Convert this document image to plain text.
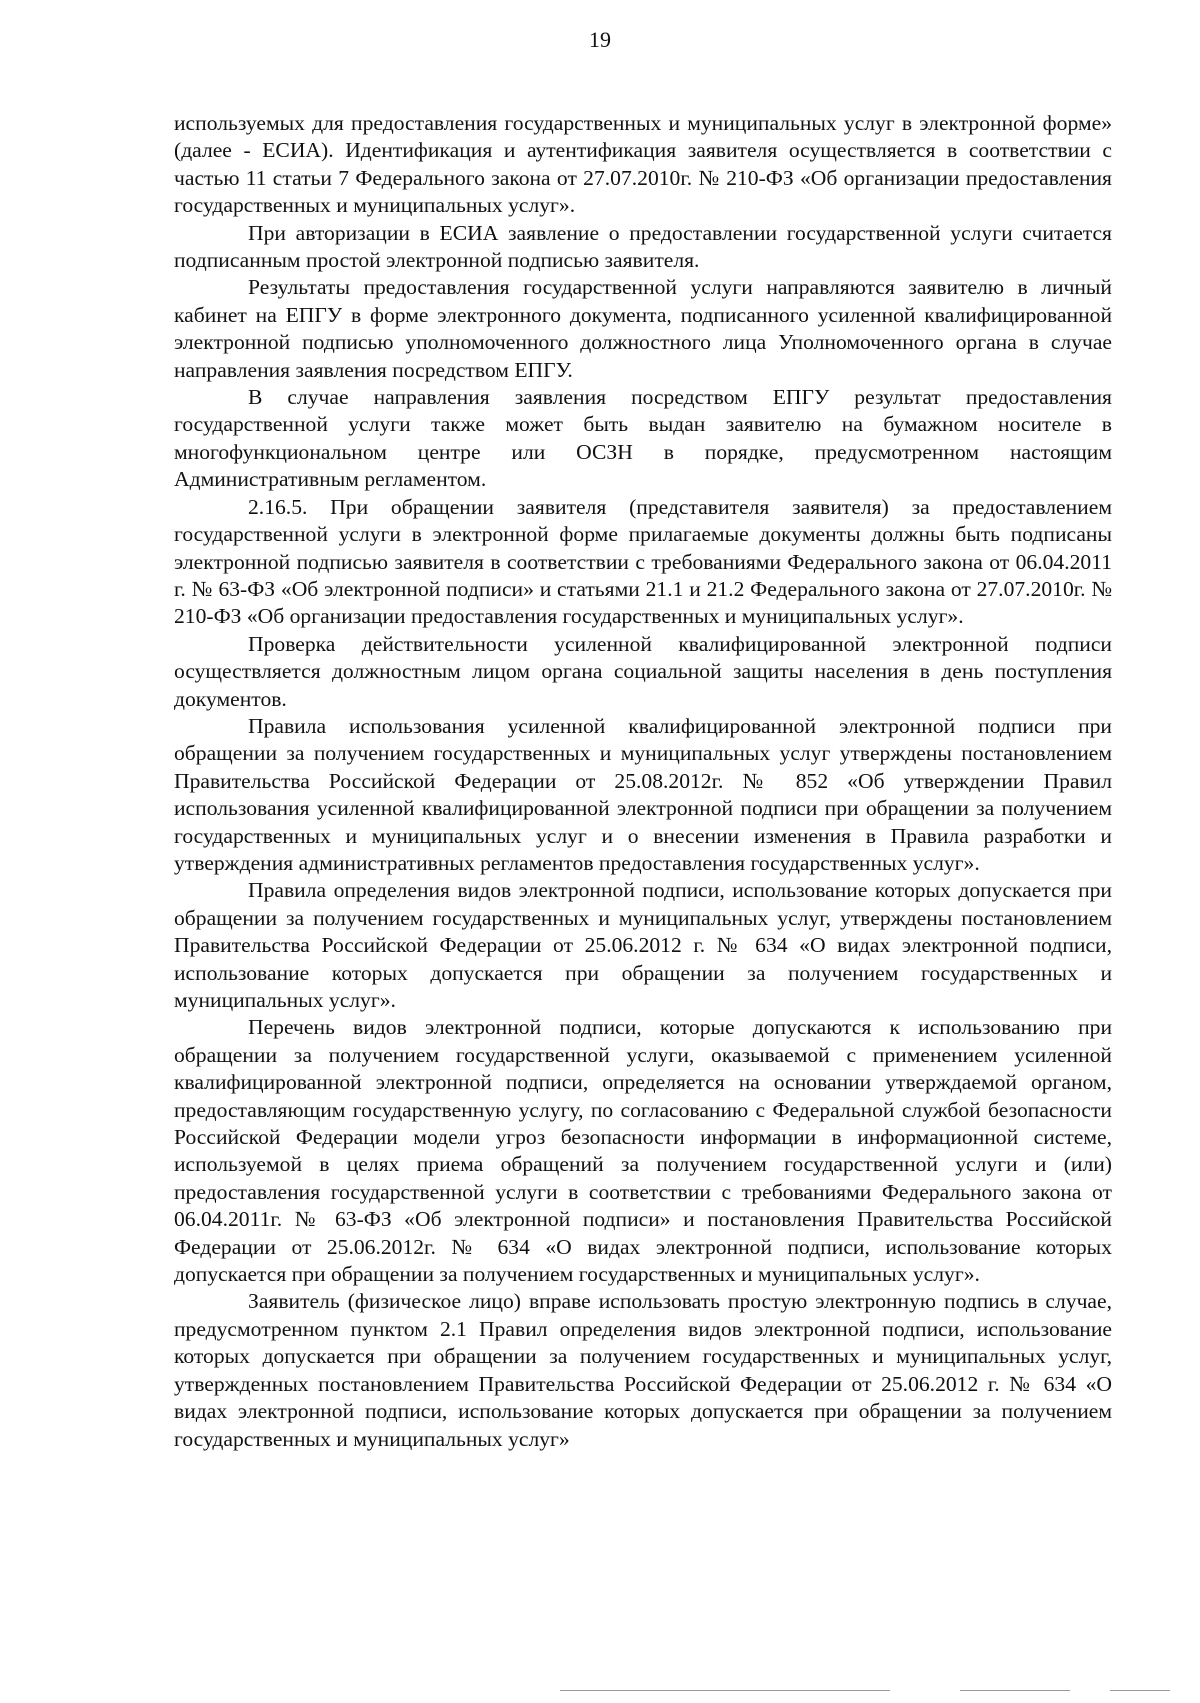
19

используемых для предоставления государственных и муниципальных услуг в электронной форме» (далее - ЕСИА). Идентификация и аутентификация заявителя осуществляется в соответствии с частью 11 статьи 7 Федерального закона от 27.07.2010г. № 210-ФЗ «Об организации предоставления государственных и муниципальных услуг».

При авторизации в ЕСИА заявление о предоставлении государственной услуги считается подписанным простой электронной подписью заявителя.

Результаты предоставления государственной услуги направляются заявителю в личный кабинет на ЕПГУ в форме электронного документа, подписанного усиленной квалифицированной электронной подписью уполномоченного должностного лица Уполномоченного органа в случае направления заявления посредством ЕПГУ.

В случае направления заявления посредством ЕПГУ результат предоставления государственной услуги также может быть выдан заявителю на бумажном носителе в многофункциональном центре или ОСЗН в порядке, предусмотренном настоящим Административным регламентом.

2.16.5. При обращении заявителя (представителя заявителя) за предоставлением государственной услуги в электронной форме прилагаемые документы должны быть подписаны электронной подписью заявителя в соответствии с требованиями Федерального закона от 06.04.2011 г. № 63-ФЗ «Об электронной подписи» и статьями 21.1 и 21.2 Федерального закона от 27.07.2010г. № 210-ФЗ «Об организации предоставления государственных и муниципальных услуг».

Проверка действительности усиленной квалифицированной электронной подписи осуществляется должностным лицом органа социальной защиты населения в день поступления документов.

Правила использования усиленной квалифицированной электронной подписи при обращении за получением государственных и муниципальных услуг утверждены постановлением Правительства Российской Федерации от 25.08.2012г. № 852 «Об утверждении Правил использования усиленной квалифицированной электронной подписи при обращении за получением государственных и муниципальных услуг и о внесении изменения в Правила разработки и утверждения административных регламентов предоставления государственных услуг».

Правила определения видов электронной подписи, использование которых допускается при обращении за получением государственных и муниципальных услуг, утверждены постановлением Правительства Российской Федерации от 25.06.2012 г. № 634 «О видах электронной подписи, использование которых допускается при обращении за получением государственных и муниципальных услуг».

Перечень видов электронной подписи, которые допускаются к использованию при обращении за получением государственной услуги, оказываемой с применением усиленной квалифицированной электронной подписи, определяется на основании утверждаемой органом, предоставляющим государственную услугу, по согласованию с Федеральной службой безопасности Российской Федерации модели угроз безопасности информации в информационной системе, используемой в целях приема обращений за получением государственной услуги и (или) предоставления государственной услуги в соответствии с требованиями Федерального закона от 06.04.2011г. № 63-ФЗ «Об электронной подписи» и постановления Правительства Российской Федерации от 25.06.2012г. № 634 «О видах электронной подписи, использование которых допускается при обращении за получением государственных и муниципальных услуг».

Заявитель (физическое лицо) вправе использовать простую электронную подпись в случае, предусмотренном пунктом 2.1 Правил определения видов электронной подписи, использование которых допускается при обращении за получением государственных и муниципальных услуг, утвержденных постановлением Правительства Российской Федерации от 25.06.2012 г. № 634 «О видах электронной подписи, использование которых допускается при обращении за получением государственных и муниципальных услуг»
